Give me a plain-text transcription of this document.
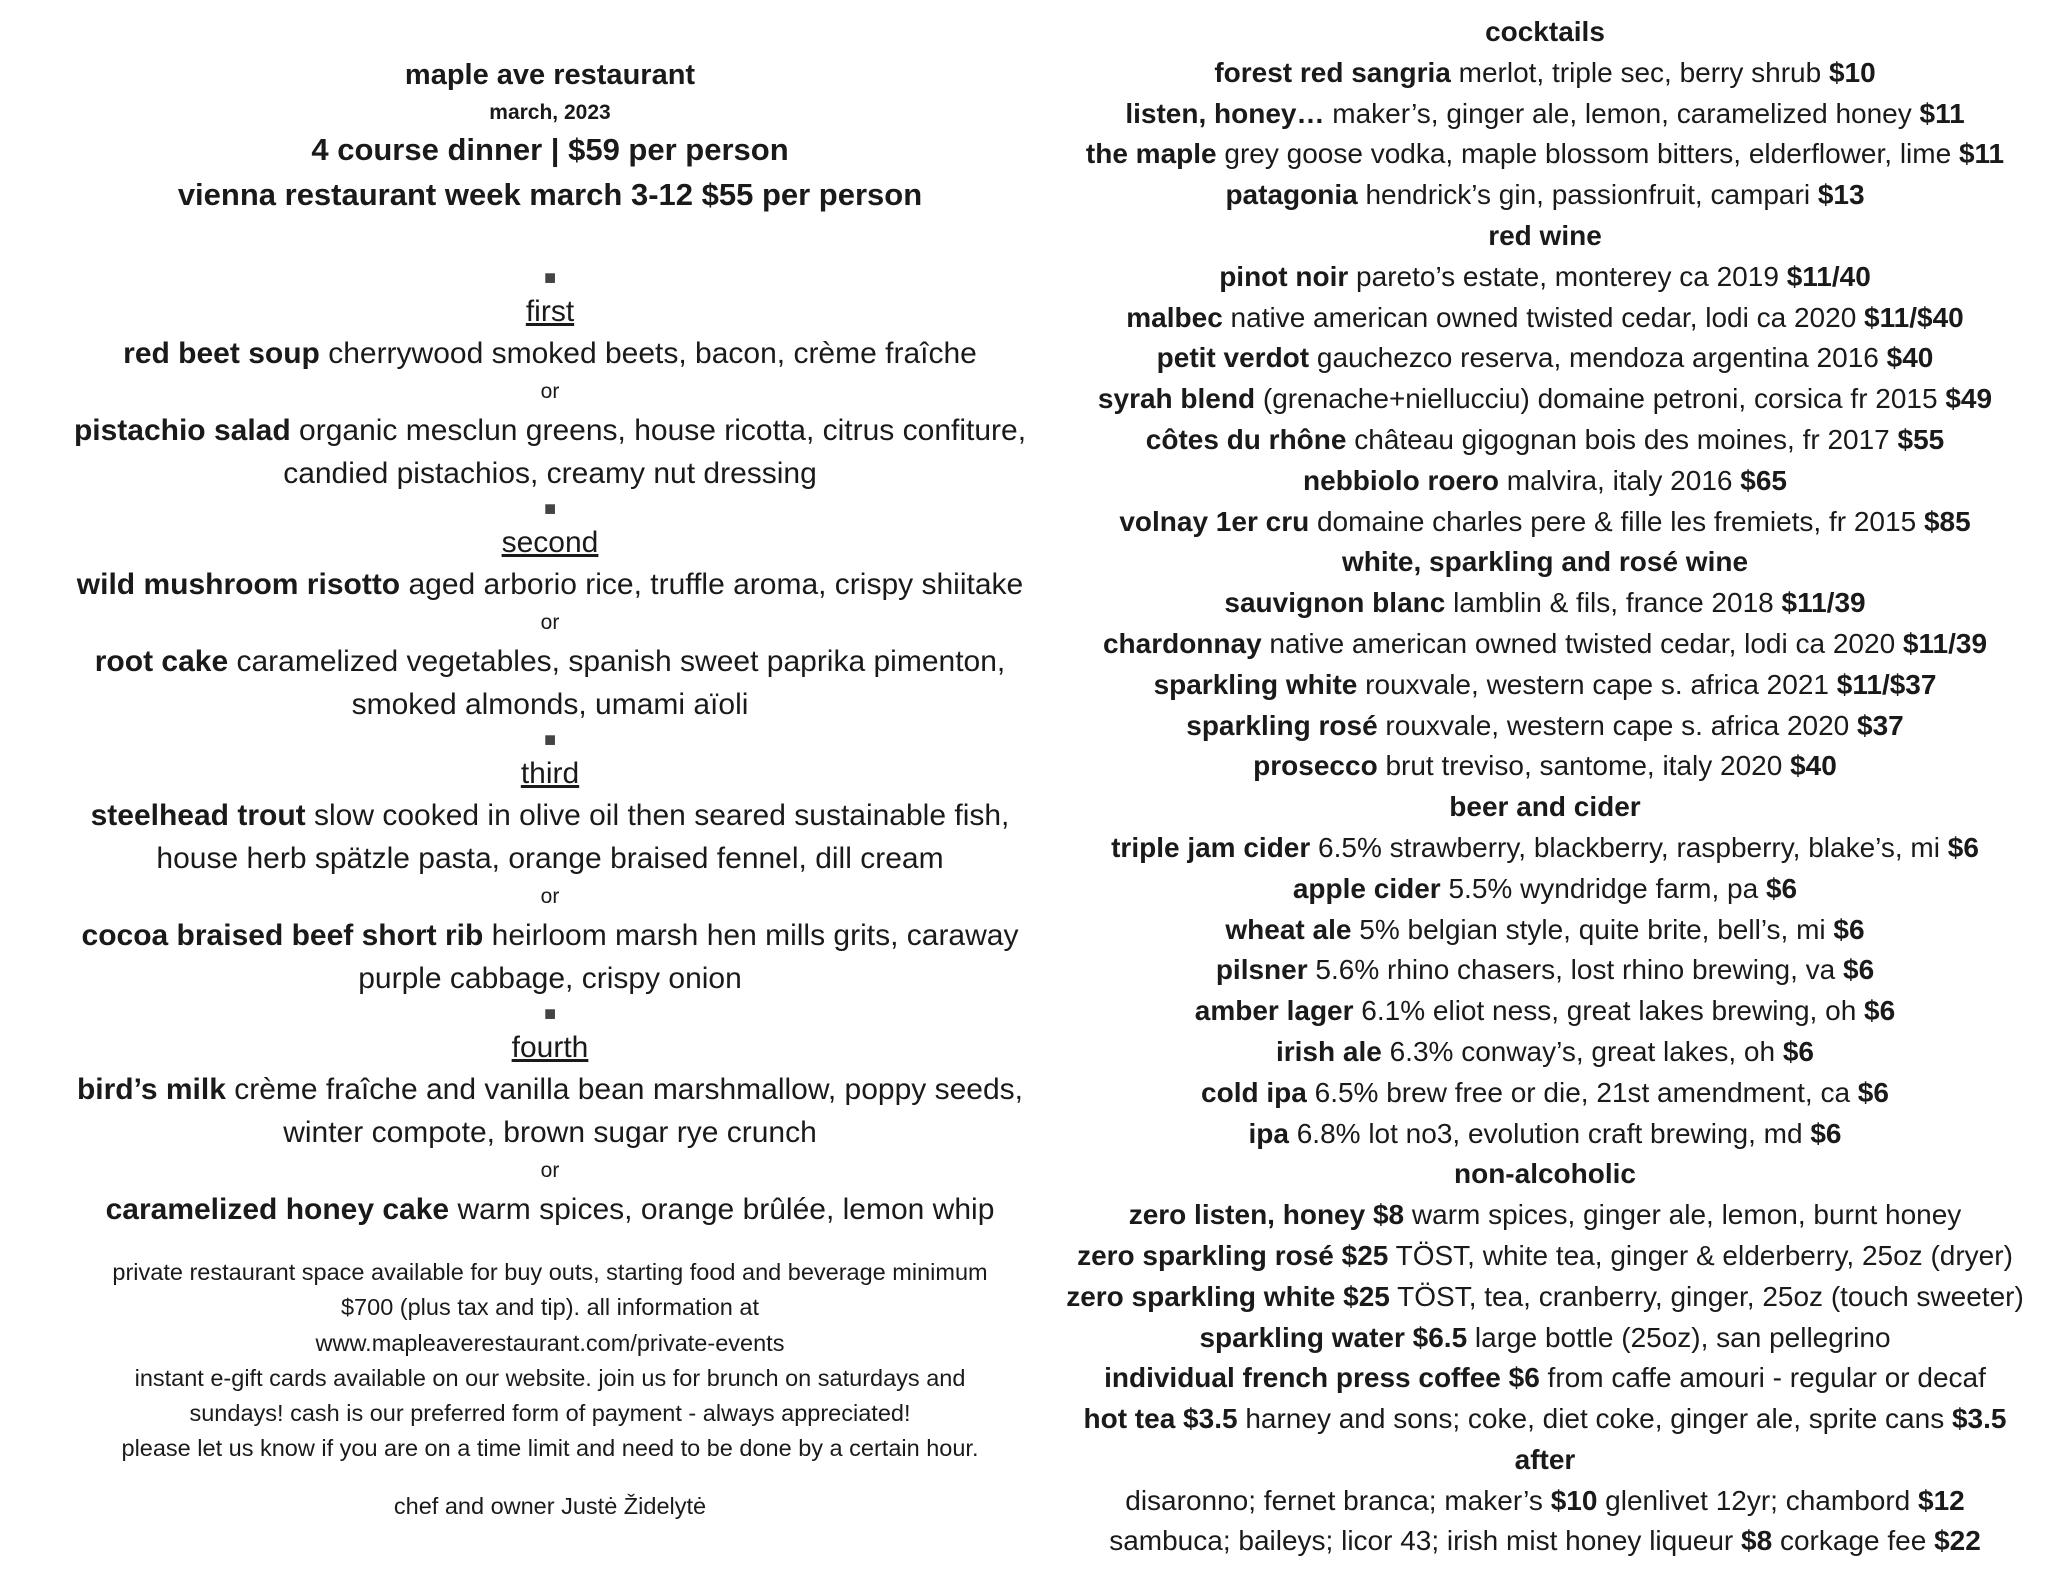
maple ave restaurant
march, 2023
4 course dinner | $59 per person
vienna restaurant week march 3-12 $55 per person
■
first
red beet soup cherrywood smoked beets, bacon, crème fraîche
or
pistachio salad organic mesclun greens, house ricotta, citrus confiture,
candied pistachios, creamy nut dressing
■
second
wild mushroom risotto aged arborio rice, truffle aroma, crispy shiitake
or
root cake caramelized vegetables, spanish sweet paprika pimenton,
smoked almonds, umami aïoli
■
third
steelhead trout slow cooked in olive oil then seared sustainable fish,
house herb spätzle pasta, orange braised fennel, dill cream
or
cocoa braised beef short rib heirloom marsh hen mills grits, caraway
purple cabbage, crispy onion
■
fourth
bird’s milk crème fraîche and vanilla bean marshmallow, poppy seeds,
winter compote, brown sugar rye crunch
or
caramelized honey cake warm spices, orange brûlée, lemon whip
private restaurant space available for buy outs, starting food and beverage minimum
$700 (plus tax and tip). all information at
www.mapleaverestaurant.com/private-events
instant e-gift cards available on our website. join us for brunch on saturdays and
sundays! cash is our preferred form of payment - always appreciated!
please let us know if you are on a time limit and need to be done by a certain hour.
chef and owner Justė Židelytė
cocktails
forest red sangria merlot, triple sec, berry shrub $10
listen, honey… maker’s, ginger ale, lemon, caramelized honey $11
the maple grey goose vodka, maple blossom bitters, elderflower, lime $11
patagonia hendrick’s gin, passionfruit, campari $13
red wine
pinot noir pareto’s estate, monterey ca 2019 $11/40
malbec native american owned twisted cedar, lodi ca 2020 $11/$40
petit verdot gauchezco reserva, mendoza argentina 2016 $40
syrah blend (grenache+niellucciu) domaine petroni, corsica fr 2015 $49
côtes du rhône château gigognan bois des moines, fr 2017 $55
nebbiolo roero malvira, italy 2016 $65
volnay 1er cru domaine charles pere & fille les fremiets, fr 2015 $85
white, sparkling and rosé wine
sauvignon blanc lamblin & fils, france 2018 $11/39
chardonnay native american owned twisted cedar, lodi ca 2020 $11/39
sparkling white rouxvale, western cape s. africa 2021 $11/$37
sparkling rosé rouxvale, western cape s. africa 2020 $37
prosecco brut treviso, santome, italy 2020 $40
beer and cider
triple jam cider 6.5% strawberry, blackberry, raspberry, blake’s, mi $6
apple cider 5.5% wyndridge farm, pa $6
wheat ale 5% belgian style, quite brite, bell’s, mi $6
pilsner 5.6% rhino chasers, lost rhino brewing, va $6
amber lager 6.1% eliot ness, great lakes brewing, oh $6
irish ale 6.3% conway’s, great lakes, oh $6
cold ipa 6.5% brew free or die, 21st amendment, ca $6
ipa 6.8% lot no3, evolution craft brewing, md $6
non-alcoholic
zero listen, honey $8 warm spices, ginger ale, lemon, burnt honey
zero sparkling rosé $25 TÖST, white tea, ginger & elderberry, 25oz (dryer)
zero sparkling white $25 TÖST, tea, cranberry, ginger, 25oz (touch sweeter)
sparkling water $6.5 large bottle (25oz), san pellegrino
individual french press coffee $6 from caffe amouri - regular or decaf
hot tea $3.5 harney and sons; coke, diet coke, ginger ale, sprite cans $3.5
after
disaronno; fernet branca; maker’s $10 glenlivet 12yr; chambord $12
sambuca; baileys; licor 43; irish mist honey liqueur $8 corkage fee $22
